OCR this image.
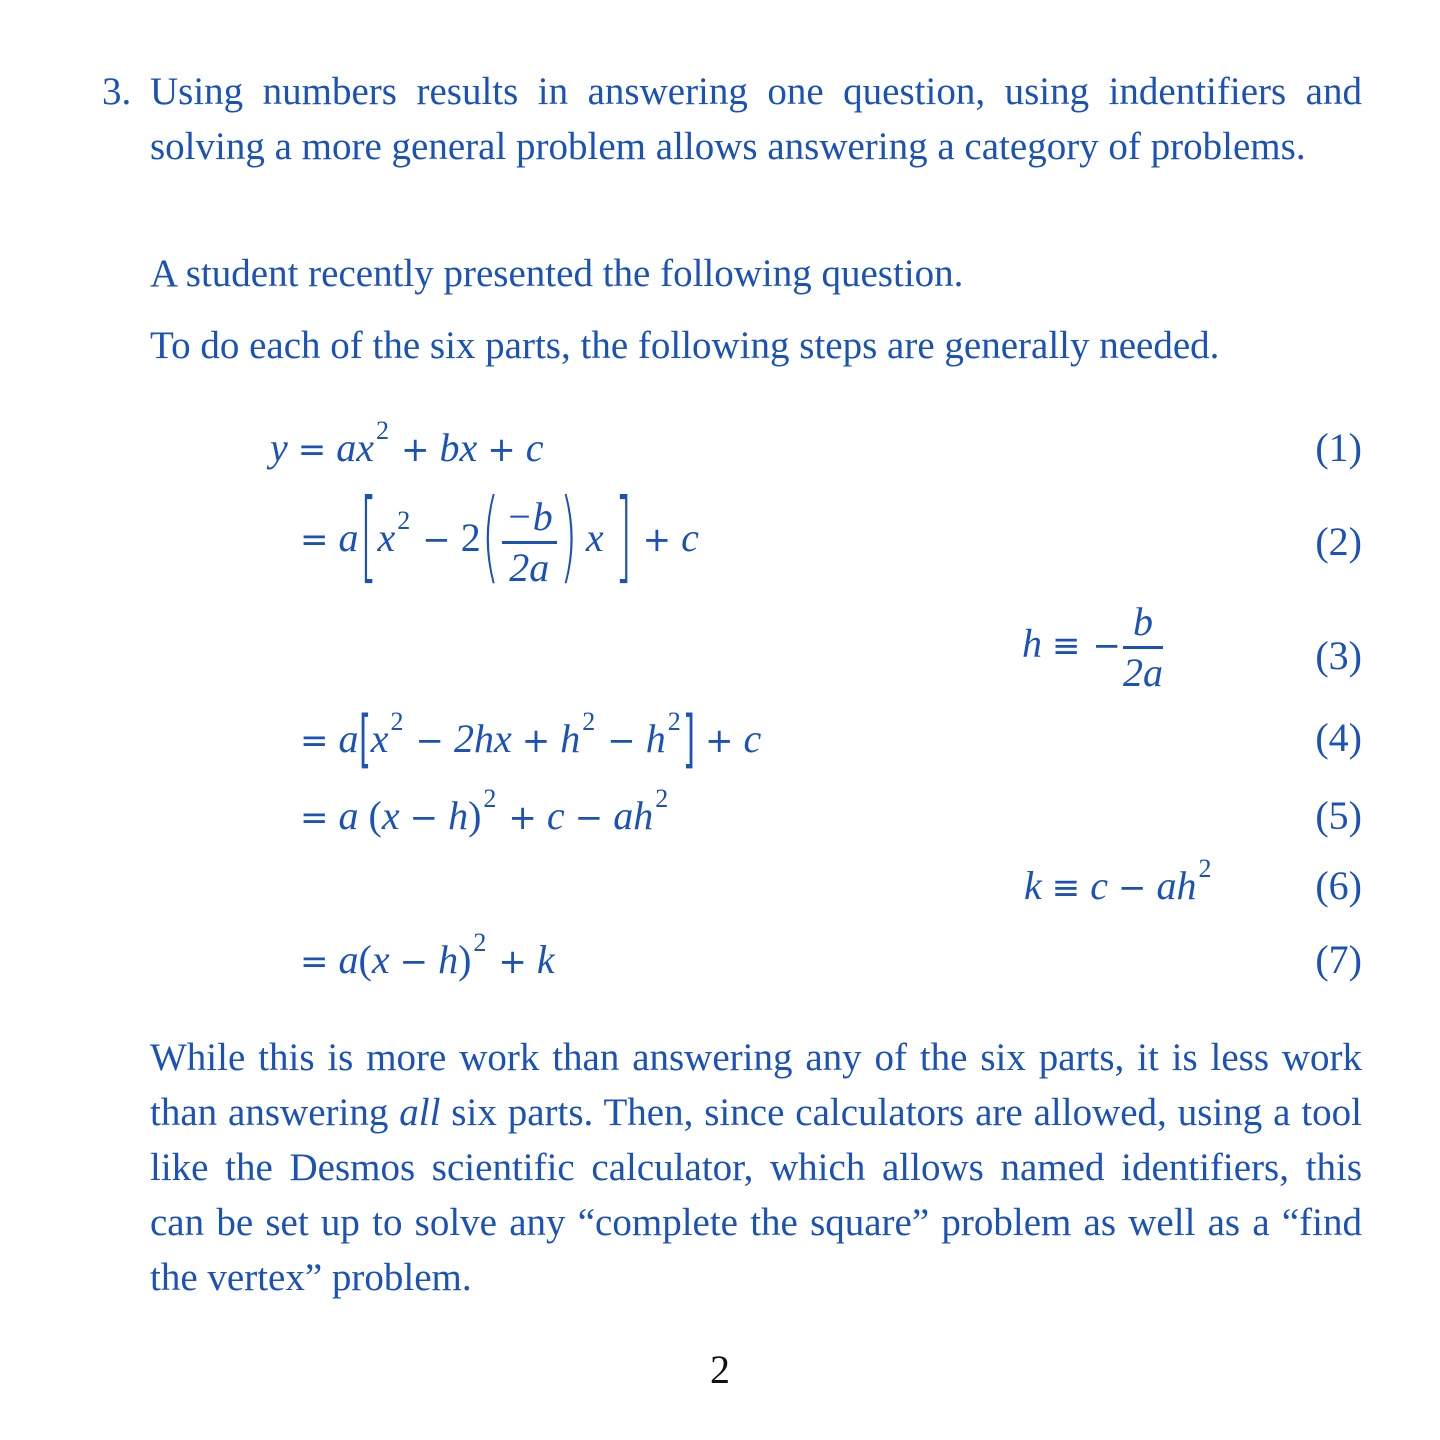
3. Using numbers results in answering one question, using indentifiers and solving a more general problem allows answering a category of problems.
A student recently presented the following question.
To do each of the six parts, the following steps are generally needed.
$y = ax^2$ + bx + c	(1)
= $a[x^2 - 2( \frac{-b}{2a}$ ) x ] + c	(2)
h ≡ − $\frac{b}{2a}$	(3)
= $a[x^2 - 2hx + h^2 - h^2] + c$	(4)
= a $(x - h)^2 + c - ah^2$	(5)
$k \equiv c - ah^2$	(6)
= $a(x - h)^2 + k$	(7)
While this is more work than answering any of the six parts, it is less work than answering all six parts. Then, since calculators are allowed, using a tool like the Desmos scientific calculator, which allows named identifiers, this can be set up to solve any “complete the square” problem as well as a “find the vertex” problem.
2
